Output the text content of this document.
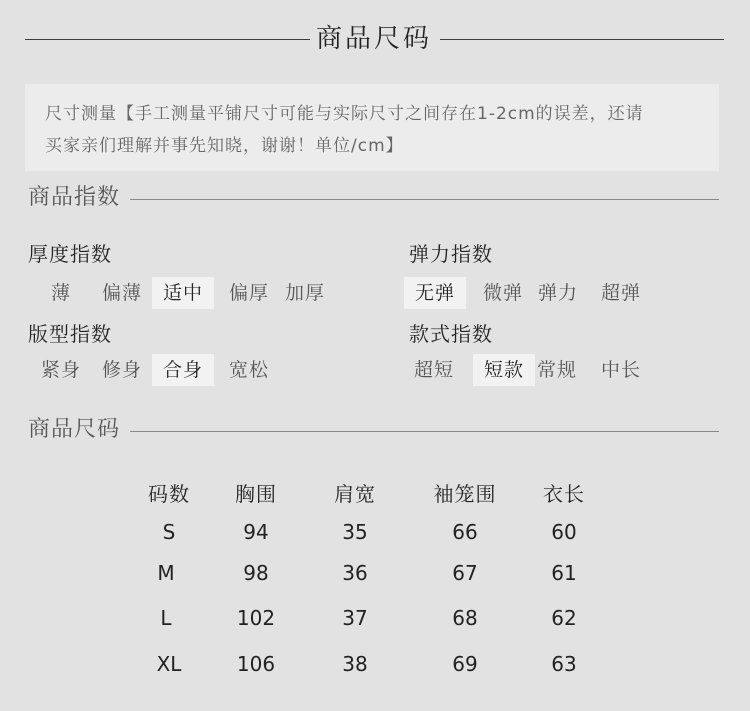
商品尺码

尺寸测量【手工测量平铺尺寸可能与实际尺寸之间存在1-2cm的误差，还请

买家亲们理解并事先知晓，谢谢！单位/cm】

商品指数
厚度指数
薄	偏薄	适中	偏厚 加厚
弹力指数
无弹	微弹 弹力 超弹
版型指数
紧身 修身	合身	宽松
款式指数
超短	短款 常规 中长
商品尺码
码数	胸围	肩宽	袖笼围	衣长
S	94	35	66	60
M	98	36	67	61
L	102	37	68	62
XL	106	38	69	63
